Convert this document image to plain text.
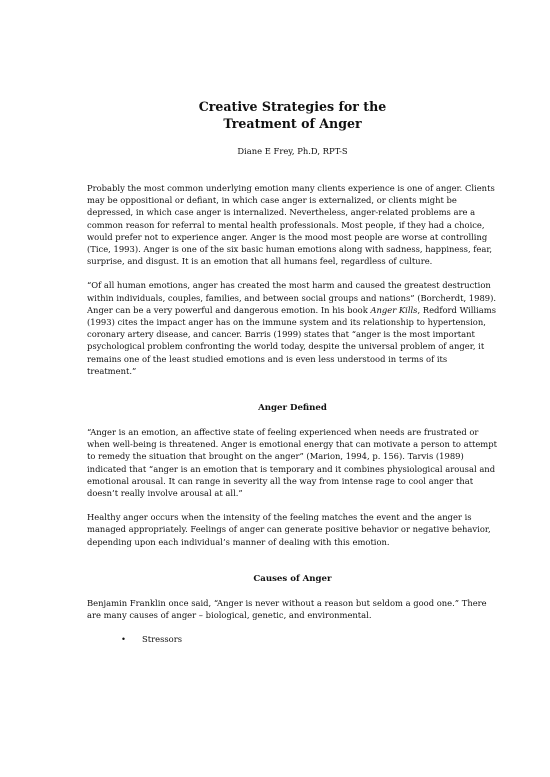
Creative Strategies for the
Treatment of Anger

Diane E Frey, Ph.D, RPT-S

Probably the most common underlying emotion many clients experience is one of anger. Clients may be oppositional or defiant, in which case anger is externalized, or clients might be depressed, in which case anger is internalized. Nevertheless, anger-related problems are a common reason for referral to mental health professionals. Most people, if they had a choice, would prefer not to experience anger. Anger is the mood most people are worse at controlling (Tice, 1993). Anger is one of the six basic human emotions along with sadness, happiness, fear, surprise, and disgust. It is an emotion that all humans feel, regardless of culture.

“Of all human emotions, anger has created the most harm and caused the greatest destruction within individuals, couples, families, and between social groups and nations” (Borcherdt, 1989). Anger can be a very powerful and dangerous emotion. In his book Anger Kills, Redford Williams (1993) cites the impact anger has on the immune system and its relationship to hypertension, coronary artery disease, and cancer. Barris (1999) states that “anger is the most important psychological problem confronting the world today, despite the universal problem of anger, it remains one of the least studied emotions and is even less understood in terms of its treatment.”

Anger Defined

“Anger is an emotion, an affective state of feeling experienced when needs are frustrated or when well-being is threatened. Anger is emotional energy that can motivate a person to attempt to remedy the situation that brought on the anger” (Marion, 1994, p. 156). Tarvis (1989) indicated that “anger is an emotion that is temporary and it combines physiological arousal and emotional arousal. It can range in severity all the way from intense rage to cool anger that doesn’t really involve arousal at all.”

Healthy anger occurs when the intensity of the feeling matches the event and the anger is managed appropriately. Feelings of anger can generate positive behavior or negative behavior, depending upon each individual’s manner of dealing with this emotion.

Causes of Anger

Benjamin Franklin once said, “Anger is never without a reason but seldom a good one.” There are many causes of anger – biological, genetic, and environmental.

• Stressors
